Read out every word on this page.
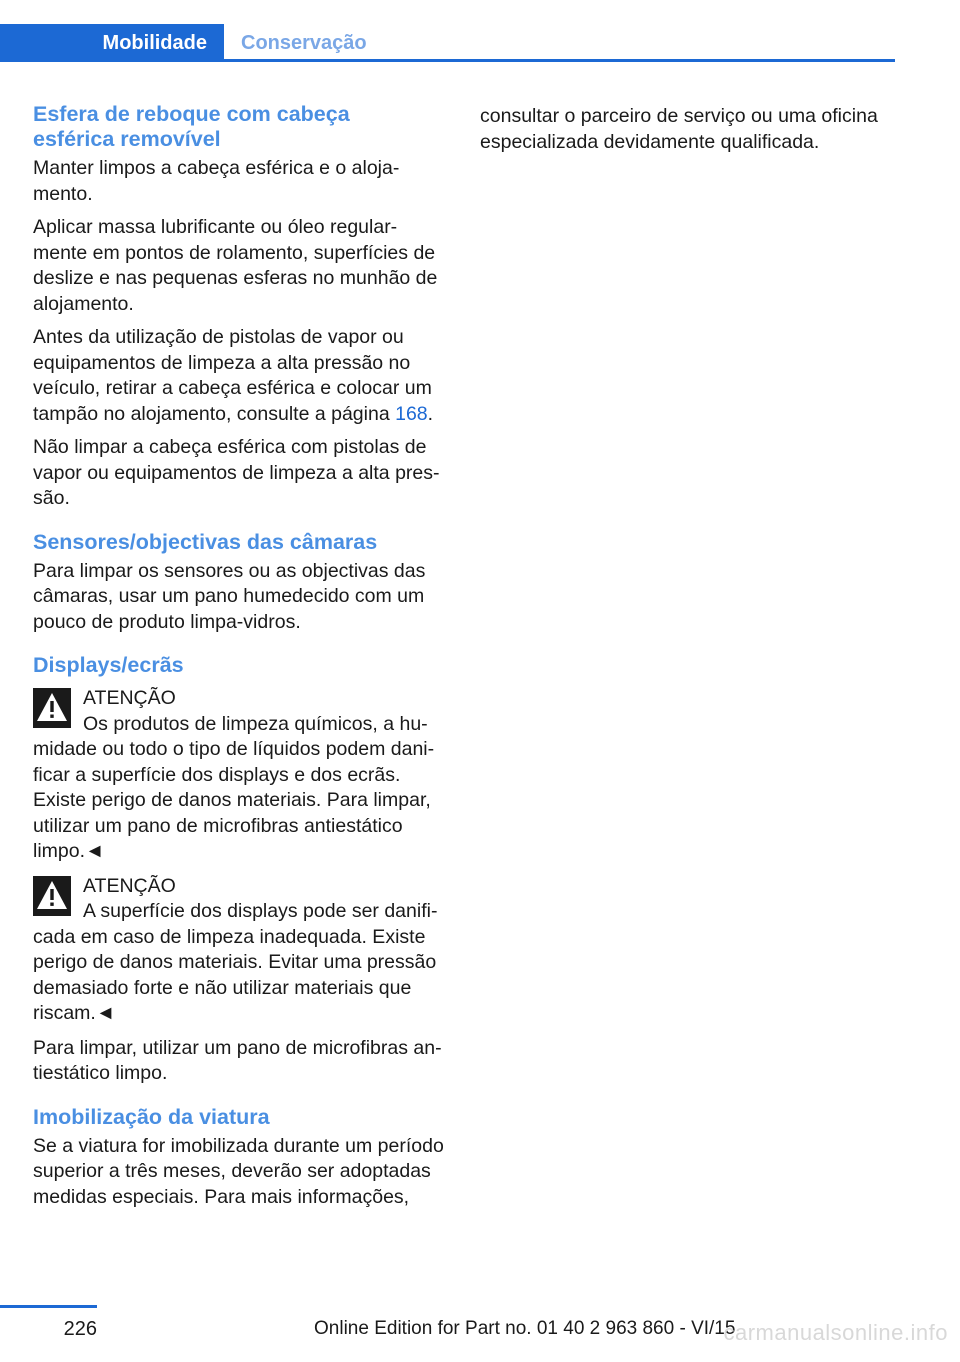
Mobilidade	Conservação
Esfera de reboque com cabeça
esférica removível

Manter limpos a cabeça esférica e o aloja-mento.

Aplicar massa lubrificante ou óleo regular-mente em pontos de rolamento, superfícies de deslize e nas pequenas esferas no munhão de alojamento.

Antes da utilização de pistolas de vapor ou equipamentos de limpeza a alta pressão no veículo, retirar a cabeça esférica e colocar um tampão no alojamento, consulte a página 168.

Não limpar a cabeça esférica com pistolas de vapor ou equipamentos de limpeza a alta pres-são.

Sensores/objectivas das câmaras

Para limpar os sensores ou as objectivas das câmaras, usar um pano humedecido com um pouco de produto limpa-vidros.

Displays/ecrãs
ATENÇÃO
Os produtos de limpeza químicos, a hu-
midade ou todo o tipo de líquidos podem dani-ficar a superfície dos displays e dos ecrãs. Existe perigo de danos materiais. Para limpar, utilizar um pano de microfibras antiestático limpo.◄
ATENÇÃO
A superfície dos displays pode ser danifi-
cada em caso de limpeza inadequada. Existe perigo de danos materiais. Evitar uma pressão demasiado forte e não utilizar materiais que riscam.◄

Para limpar, utilizar um pano de microfibras an-tiestático limpo.

Imobilização da viatura

Se a viatura for imobilizada durante um período superior a três meses, deverão ser adoptadas medidas especiais. Para mais informações,

consultar o parceiro de serviço ou uma oficina especializada devidamente qualificada.

226	Online Edition for Part no. 01 40 2 963 860 - VI/15
carmanualsonline.info
